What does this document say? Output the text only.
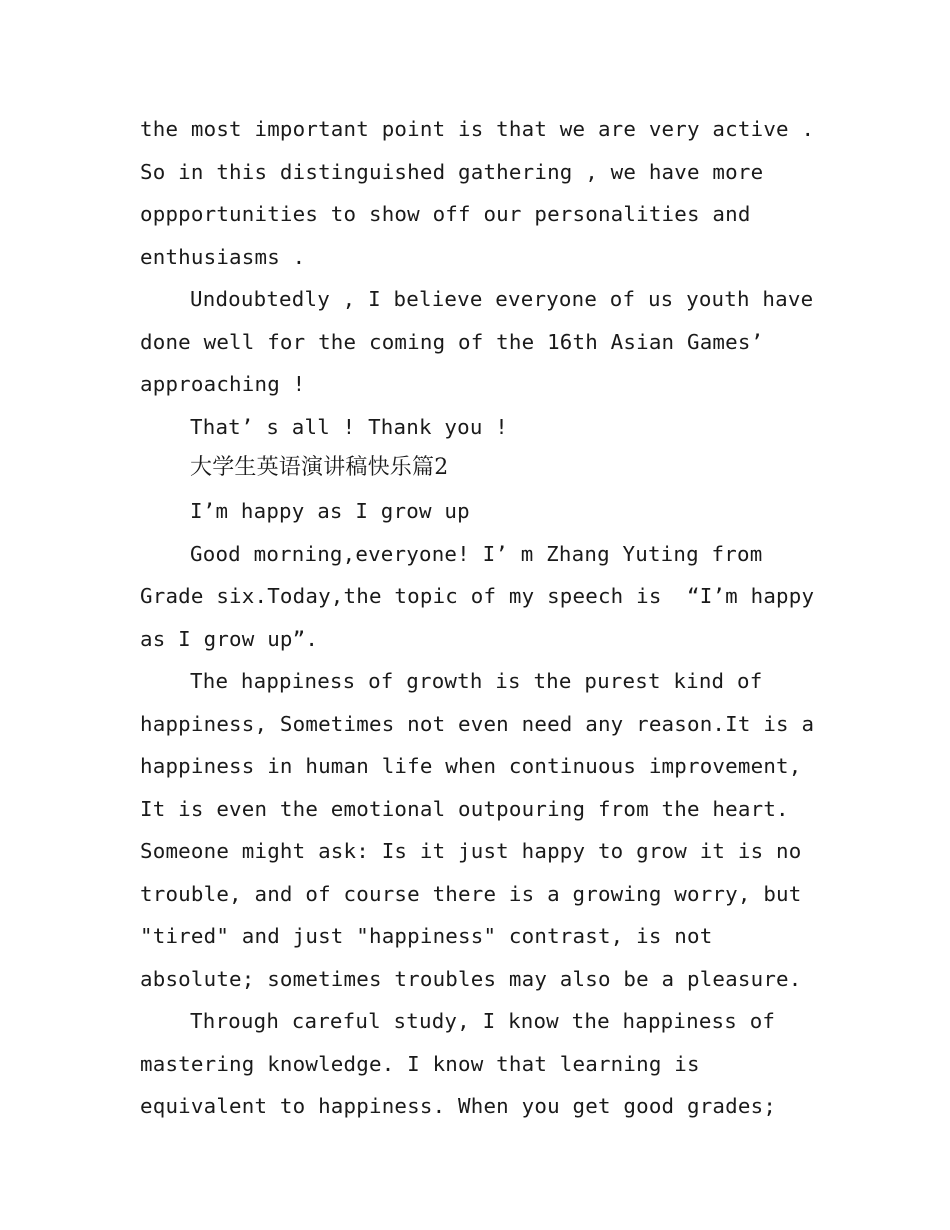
the most important point is that we are very active .
So in this distinguished gathering , we have more
oppportunities to show off our personalities and
enthusiasms .
Undoubtedly , I believe everyone of us youth have
done well for the coming of the 16th Asian Games’
approaching !
That’ s all ! Thank you !
大学生英语演讲稿快乐篇2
I’m happy as I grow up
Good morning,everyone! I’ m Zhang Yuting from
Grade six.Today,the topic of my speech is  “I’m happy
as I grow up”.
The happiness of growth is the purest kind of
happiness, Sometimes not even need any reason.It is a
happiness in human life when continuous improvement,
It is even the emotional outpouring from the heart.
Someone might ask: Is it just happy to grow it is no
trouble, and of course there is a growing worry, but
"tired" and just "happiness" contrast, is not
absolute; sometimes troubles may also be a pleasure.
Through careful study, I know the happiness of
mastering knowledge. I know that learning is
equivalent to happiness. When you get good grades;
